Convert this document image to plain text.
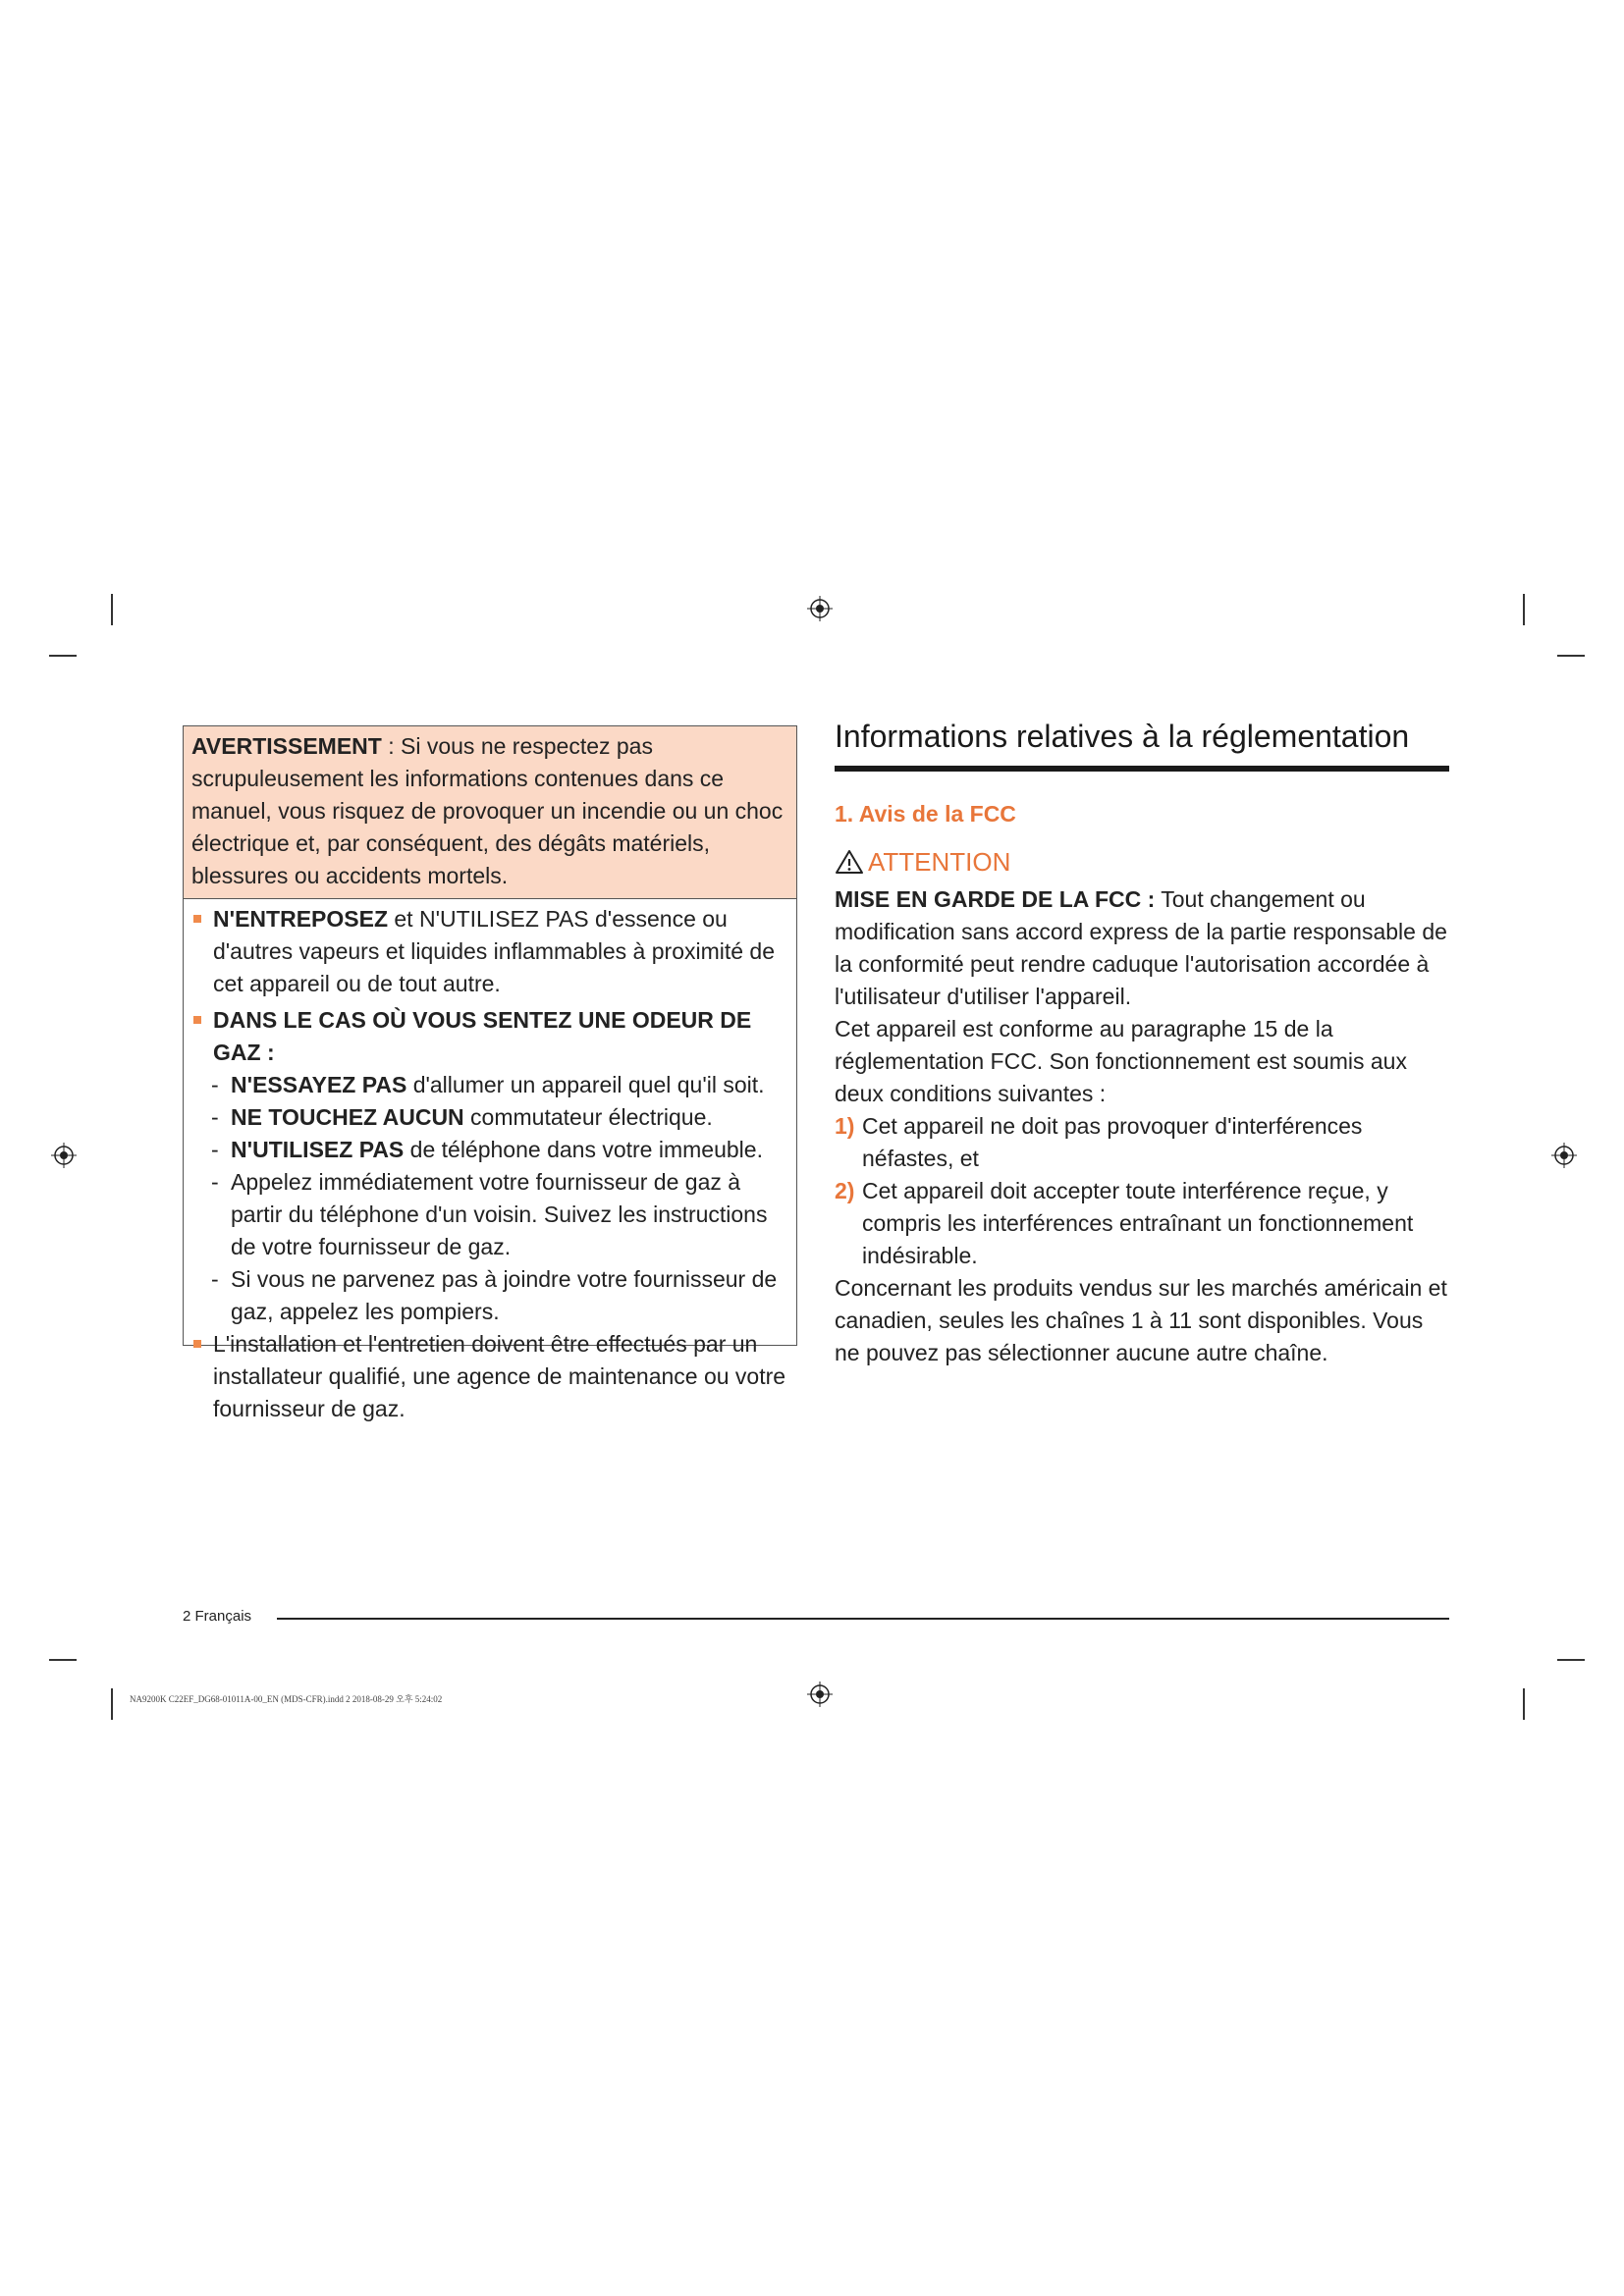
AVERTISSEMENT : Si vous ne respectez pas scrupuleusement les informations contenues dans ce manuel, vous risquez de provoquer un incendie ou un choc électrique et, par conséquent, des dégâts matériels, blessures ou accidents mortels.
N'ENTREPOSEZ et N'UTILISEZ PAS d'essence ou d'autres vapeurs et liquides inflammables à proximité de cet appareil ou de tout autre.
DANS LE CAS OÙ VOUS SENTEZ UNE ODEUR DE GAZ :
- N'ESSAYEZ PAS d'allumer un appareil quel qu'il soit.
- NE TOUCHEZ AUCUN commutateur électrique.
- N'UTILISEZ PAS de téléphone dans votre immeuble.
- Appelez immédiatement votre fournisseur de gaz à partir du téléphone d'un voisin. Suivez les instructions de votre fournisseur de gaz.
- Si vous ne parvenez pas à joindre votre fournisseur de gaz, appelez les pompiers.
L'installation et l'entretien doivent être effectués par un installateur qualifié, une agence de maintenance ou votre fournisseur de gaz.
Informations relatives à la réglementation
1. Avis de la FCC
ATTENTION
MISE EN GARDE DE LA FCC : Tout changement ou modification sans accord express de la partie responsable de la conformité peut rendre caduque l'autorisation accordée à l'utilisateur d'utiliser l'appareil.
Cet appareil est conforme au paragraphe 15 de la réglementation FCC. Son fonctionnement est soumis aux deux conditions suivantes :
1) Cet appareil ne doit pas provoquer d'interférences néfastes, et
2) Cet appareil doit accepter toute interférence reçue, y compris les interférences entraînant un fonctionnement indésirable.
Concernant les produits vendus sur les marchés américain et canadien, seules les chaînes 1 à 11 sont disponibles. Vous ne pouvez pas sélectionner aucune autre chaîne.
2 Français
NA9200K C22EF_DG68-01011A-00_EN (MDS-CFR).indd 2 2018-08-29 오후 5:24:02
